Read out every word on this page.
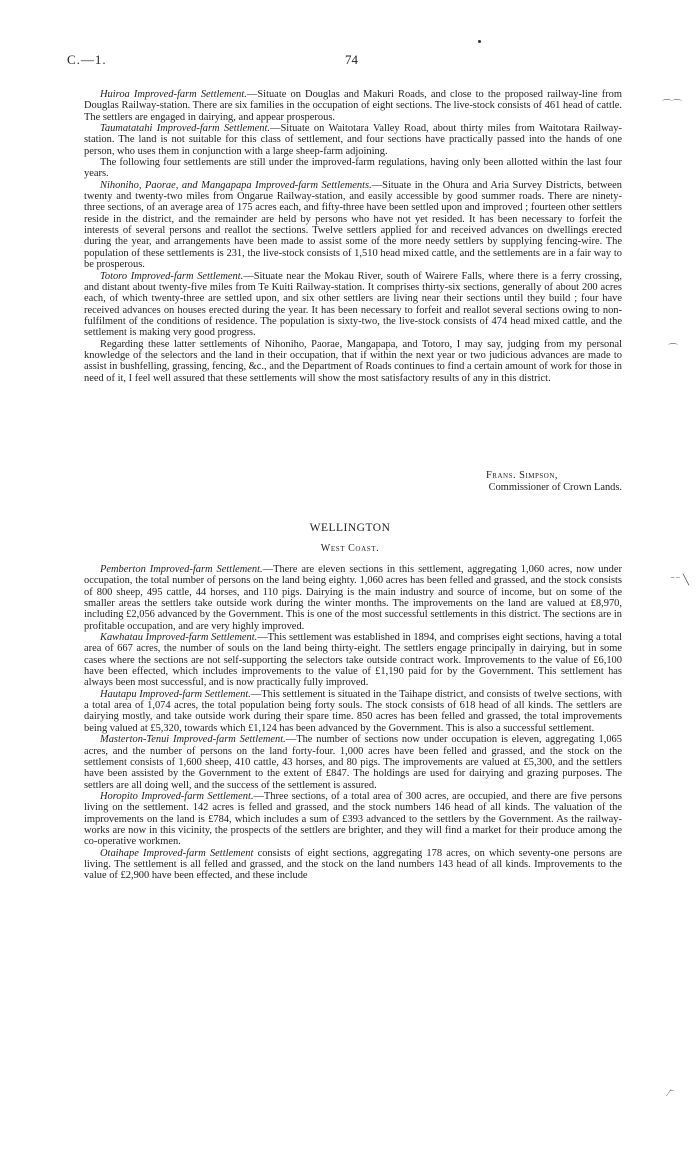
C.—1.	74
⌒⌒
⌒
⁻⁻ ╲
⁄⁻

Huiroa Improved-farm Settlement.—Situate on Douglas and Makuri Roads, and close to the proposed railway-line from Douglas Railway-station. There are six families in the occupation of eight sections. The live-stock consists of 461 head of cattle. The settlers are engaged in dairying, and appear prosperous.

Taumatatahi Improved-farm Settlement.—Situate on Waitotara Valley Road, about thirty miles from Waitotara Railway-station. The land is not suitable for this class of settlement, and four sections have practically passed into the hands of one person, who uses them in conjunction with a large sheep-farm adjoining.

The following four settlements are still under the improved-farm regulations, having only been allotted within the last four years.

Nihoniho, Paorae, and Mangapapa Improved-farm Settlements.—Situate in the Ohura and Aria Survey Districts, between twenty and twenty-two miles from Ongarue Railway-station, and easily accessible by good summer roads. There are ninety-three sections, of an average area of 175 acres each, and fifty-three have been settled upon and improved ; fourteen other settlers reside in the district, and the remainder are held by persons who have not yet resided. It has been necessary to forfeit the interests of several persons and reallot the sections. Twelve settlers applied for and received advances on dwellings erected during the year, and arrangements have been made to assist some of the more needy settlers by supplying fencing-wire. The population of these settlements is 231, the live-stock consists of 1,510 head mixed cattle, and the settlements are in a fair way to be prosperous.

Totoro Improved-farm Settlement.—Situate near the Mokau River, south of Wairere Falls, where there is a ferry crossing, and distant about twenty-five miles from Te Kuiti Railway-station. It comprises thirty-six sections, generally of about 200 acres each, of which twenty-three are settled upon, and six other settlers are living near their sections until they build ; four have received advances on houses erected during the year. It has been necessary to forfeit and reallot several sections owing to non-fulfilment of the conditions of residence. The population is sixty-two, the live-stock consists of 474 head mixed cattle, and the settlement is making very good progress.

Regarding these latter settlements of Nihoniho, Paorae, Mangapapa, and Totoro, I may say, judging from my personal knowledge of the selectors and the land in their occupation, that if within the next year or two judicious advances are made to assist in bushfelling, grassing, fencing, &c., and the Department of Roads continues to find a certain amount of work for those in need of it, I feel well assured that these settlements will show the most satisfactory results of any in this district.

Frans. Simpson,
Commissioner of Crown Lands.
WELLINGTON
West Coast.

Pemberton Improved-farm Settlement.—There are eleven sections in this settlement, aggregating 1,060 acres, now under occupation, the total number of persons on the land being eighty. 1,060 acres has been felled and grassed, and the stock consists of 800 sheep, 495 cattle, 44 horses, and 110 pigs. Dairying is the main industry and source of income, but on some of the smaller areas the settlers take outside work during the winter months. The improvements on the land are valued at £8,970, including £2,056 advanced by the Government. This is one of the most successful settlements in this district. The sections are in profitable occupation, and are very highly improved.

Kawhatau Improved-farm Settlement.—This settlement was established in 1894, and comprises eight sections, having a total area of 667 acres, the number of souls on the land being thirty-eight. The settlers engage principally in dairying, but in some cases where the sections are not self-supporting the selectors take outside contract work. Improvements to the value of £6,100 have been effected, which includes improvements to the value of £1,190 paid for by the Government. This settlement has always been most successful, and is now practically fully improved.

Hautapu Improved-farm Settlement.—This settlement is situated in the Taihape district, and consists of twelve sections, with a total area of 1,074 acres, the total population being forty souls. The stock consists of 618 head of all kinds. The settlers are dairying mostly, and take outside work during their spare time. 850 acres has been felled and grassed, the total improvements being valued at £5,320, towards which £1,124 has been advanced by the Government. This is also a successful settlement.

Masterton-Tenui Improved-farm Settlement.—The number of sections now under occupation is eleven, aggregating 1,065 acres, and the number of persons on the land forty-four. 1,000 acres have been felled and grassed, and the stock on the settlement consists of 1,600 sheep, 410 cattle, 43 horses, and 80 pigs. The improvements are valued at £5,300, and the settlers have been assisted by the Government to the extent of £847. The holdings are used for dairying and grazing purposes. The settlers are all doing well, and the success of the settlement is assured.

Horopito Improved-farm Settlement.—Three sections, of a total area of 300 acres, are occupied, and there are five persons living on the settlement. 142 acres is felled and grassed, and the stock numbers 146 head of all kinds. The valuation of the improvements on the land is £784, which includes a sum of £393 advanced to the settlers by the Government. As the railway-works are now in this vicinity, the prospects of the settlers are brighter, and they will find a market for their produce among the co-operative workmen.

Otaihape Improved-farm Settlement consists of eight sections, aggregating 178 acres, on which seventy-one persons are living. The settlement is all felled and grassed, and the stock on the land numbers 143 head of all kinds. Improvements to the value of £2,900 have been effected, and these include
